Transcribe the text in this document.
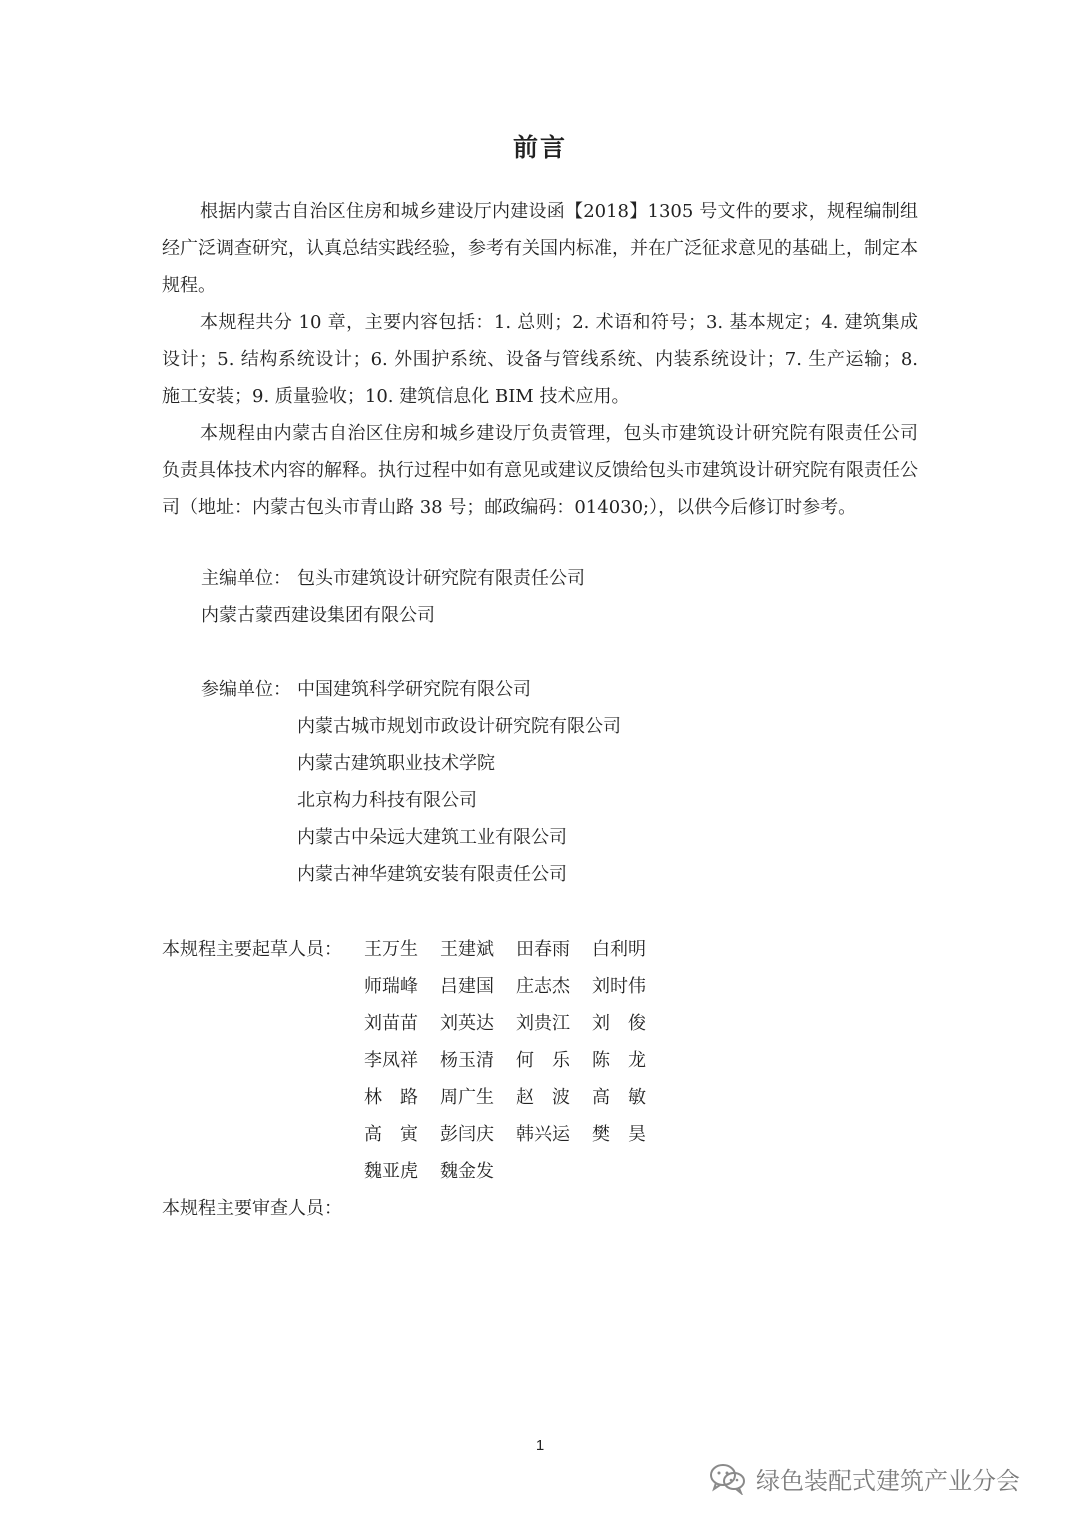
前言

根据内蒙古自治区住房和城乡建设厅内建设函【2018】1305 号文件的要求，规程编制组经广泛调查研究，认真总结实践经验，参考有关国内标准，并在广泛征求意见的基础上，制定本规程。

本规程共分 10 章，主要内容包括：1. 总则；2. 术语和符号；3. 基本规定；4. 建筑集成设计；5. 结构系统设计；6. 外围护系统、设备与管线系统、内装系统设计；7. 生产运输；8. 施工安装；9. 质量验收；10. 建筑信息化 BIM 技术应用。

本规程由内蒙古自治区住房和城乡建设厅负责管理，包头市建筑设计研究院有限责任公司负责具体技术内容的解释。执行过程中如有意见或建议反馈给包头市建筑设计研究院有限责任公司（地址：内蒙古包头市青山路 38 号；邮政编码：014030;），以供今后修订时参考。

主编单位： 包头市建筑设计研究院有限责任公司
内蒙古蒙西建设集团有限公司
参编单位： 中国建筑科学研究院有限公司
内蒙古城市规划市政设计研究院有限公司
内蒙古建筑职业技术学院
北京构力科技有限公司
内蒙古中朵远大建筑工业有限公司
内蒙古神华建筑安装有限责任公司
本规程主要起草人员： 王万生	王建斌	田春雨	白利明
师瑞峰	吕建国	庄志杰	刘时伟
刘苗苗	刘英达	刘贵江	刘　俊
李凤祥	杨玉清	何　乐	陈　龙
林　路	周广生	赵　波	高　敏
高　寅	彭闫庆	韩兴运	樊　昊
魏亚虎	魏金发
本规程主要审查人员：
1
绿色装配式建筑产业分会
